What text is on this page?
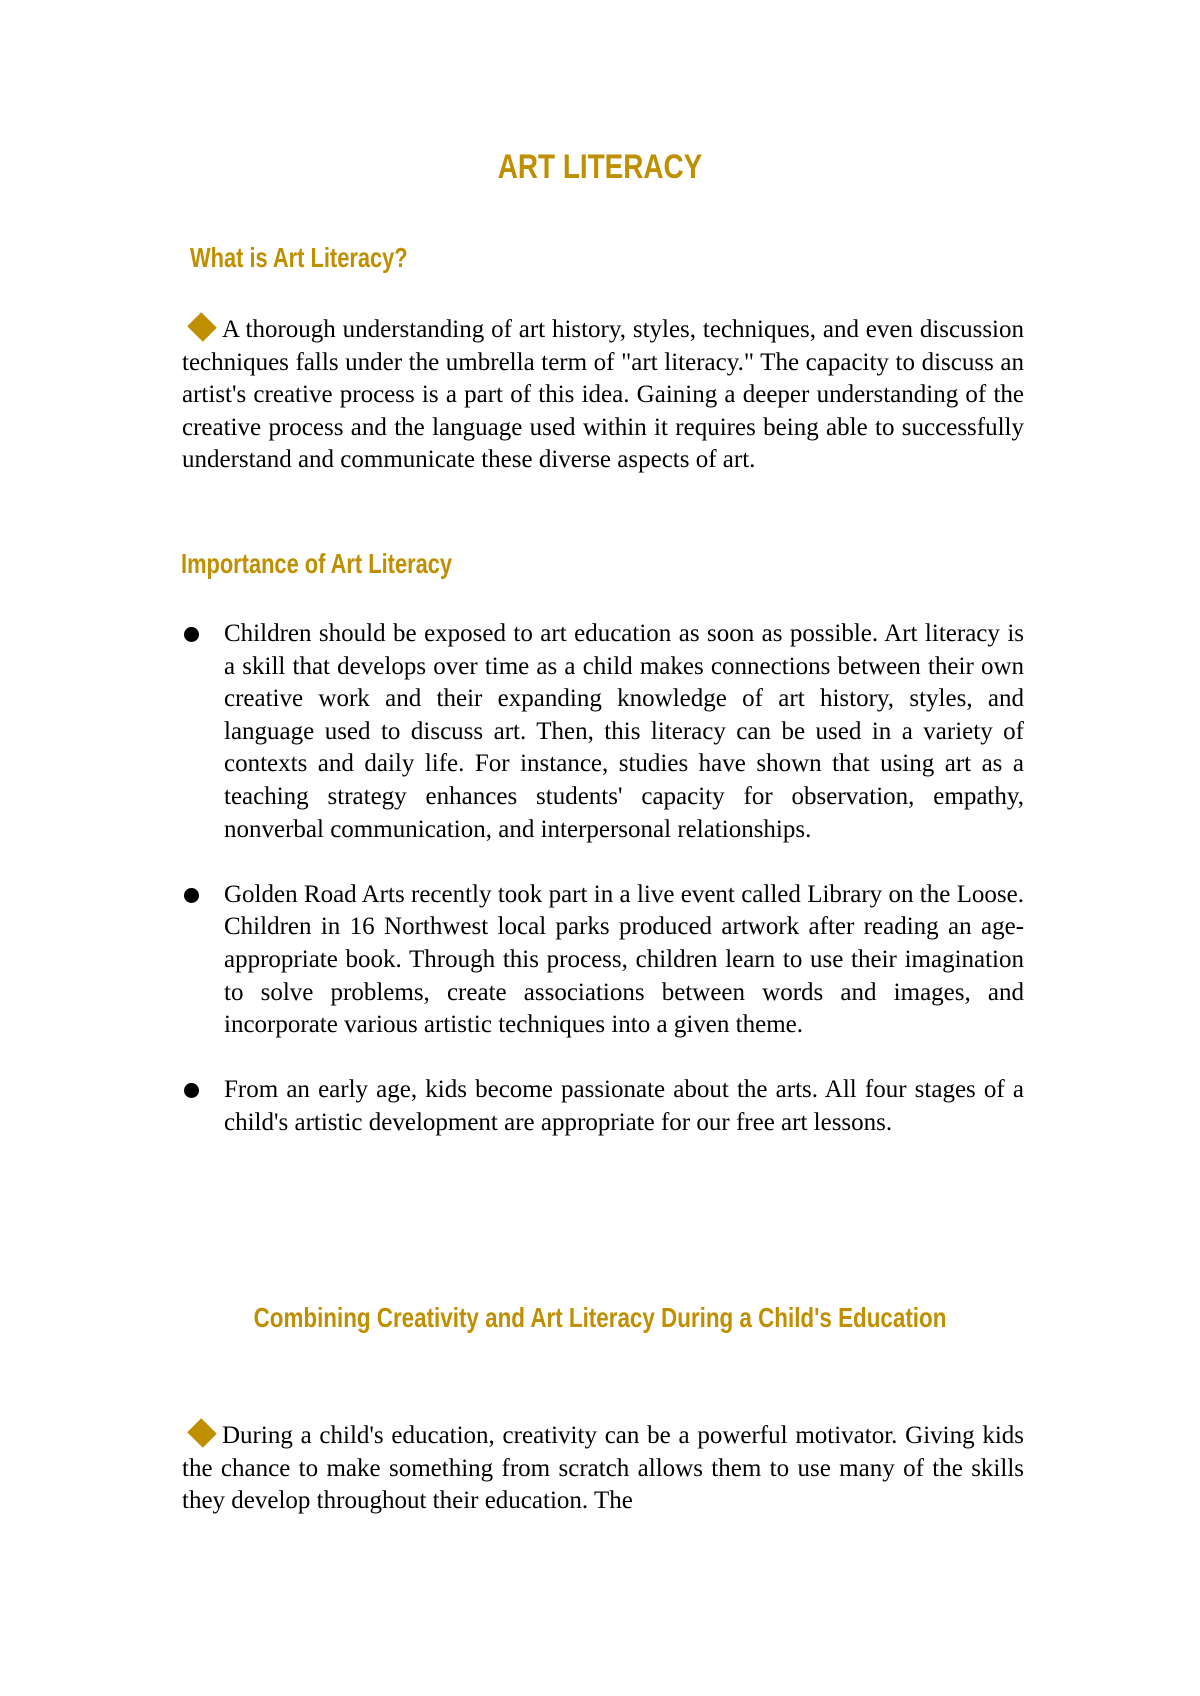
ART LITERACY
What is Art Literacy?
A thorough understanding of art history, styles, techniques, and even discussion techniques falls under the umbrella term of "art literacy." The capacity to discuss an artist's creative process is a part of this idea. Gaining a deeper understanding of the creative process and the language used within it requires being able to successfully understand and communicate these diverse aspects of art.
Importance of Art Literacy
Children should be exposed to art education as soon as possible. Art literacy is a skill that develops over time as a child makes connections between their own creative work and their expanding knowledge of art history, styles, and language used to discuss art. Then, this literacy can be used in a variety of contexts and daily life. For instance, studies have shown that using art as a teaching strategy enhances students' capacity for observation, empathy, nonverbal communication, and interpersonal relationships.
Golden Road Arts recently took part in a live event called Library on the Loose. Children in 16 Northwest local parks produced artwork after reading an age-appropriate book. Through this process, children learn to use their imagination to solve problems, create associations between words and images, and incorporate various artistic techniques into a given theme.
From an early age, kids become passionate about the arts. All four stages of a child's artistic development are appropriate for our free art lessons.
Combining Creativity and Art Literacy During a Child's Education
During a child's education, creativity can be a powerful motivator. Giving kids the chance to make something from scratch allows them to use many of the skills they develop throughout their education. The
